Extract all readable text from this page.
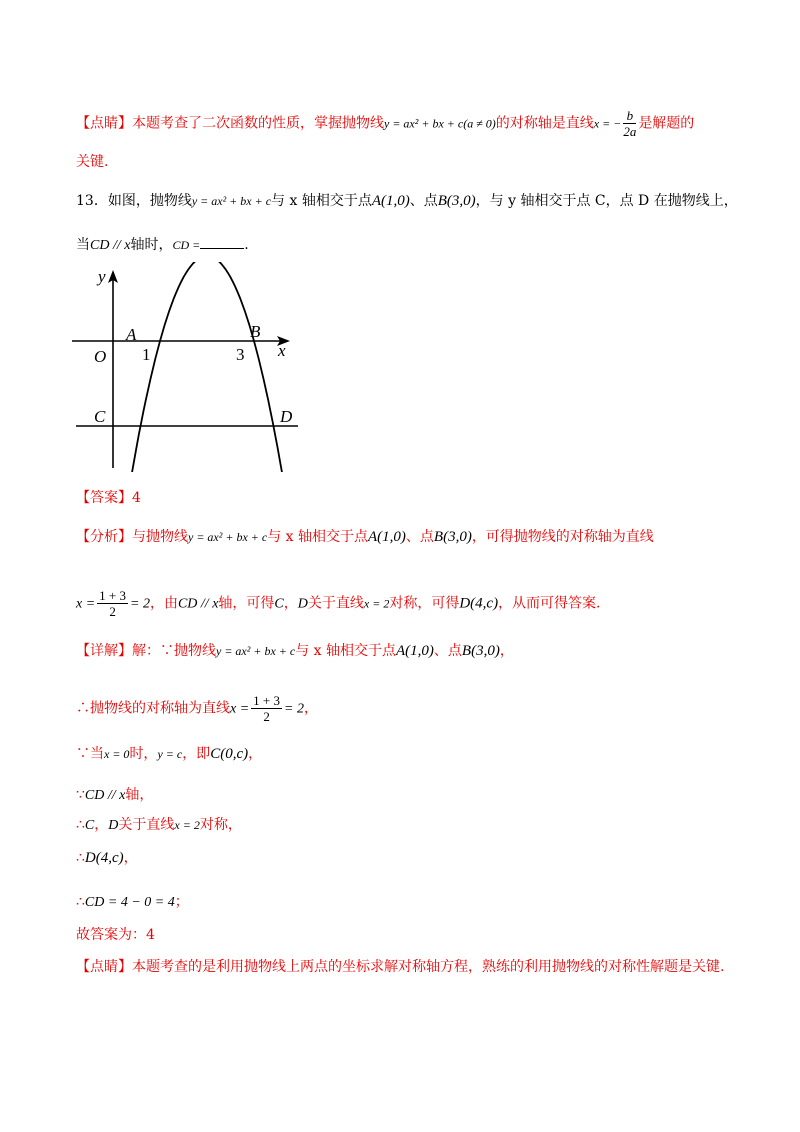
【点睛】本题考查了二次函数的性质，掌握抛物线y = ax² + bx + c(a ≠ 0)的对称轴是直线x = − $\frac{b}{2a}$ 是解题的
关键.
13．如图，抛物线y = ax² + bx + c与 x 轴相交于点A(1,0)、点B(3,0)，与 y 轴相交于点 C，点 D 在抛物线上，
当CD // x轴时，CD =	.
y
x
O
A	B
C	D
1	3
【答案】4
【分析】与抛物线y = ax² + bx + c与 x 轴相交于点A(1,0)、点B(3,0)，可得抛物线的对称轴为直线
$x = \frac{1 + 3}{2} = 2$，由CD // x轴，可得C，D关于直线x = 2对称，可得D(4,c)，从而可得答案.
【详解】解：∵抛物线y = ax² + bx + c与 x 轴相交于点A(1,0)、点B(3,0)，
∴抛物线的对称轴为直线$x = \frac{1 + 3}{2} = 2$，
∵当x = 0时，y = c，即C(0,c)，
∵CD // x轴，
∴C，D关于直线x = 2对称，
∴D(4,c)，
∴CD = 4 − 0 = 4；
故答案为：4
【点睛】本题考查的是利用抛物线上两点的坐标求解对称轴方程，熟练的利用抛物线的对称性解题是关键.
